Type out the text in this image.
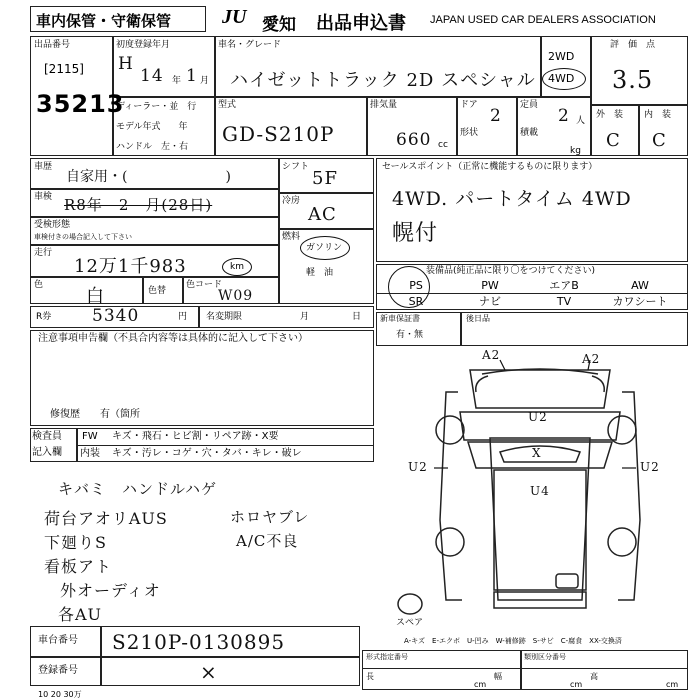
車内保管・守衛保管	JU 愛知 出品申込書 JAPAN USED CAR DEALERS ASSOCIATION
出品番号
[2115]
35213
初度登録年月
H
14 年 1 月
ディーラー・並　行
モデル年式　　年
ハンドル　左・右
車名・グレード
ハイゼットトラック 2D スペシャル
2WD
4WD
型式
GD-S210P
排気量
660 cc
ドア
2
定員
2 人
形状	積載
kg
評　価　点
3.5
外　装 内　装
C C
車歴
自家用・(　　　　　　　)
車検 R8年　2　月(28日)
受検形態
車検付きの場合記入して下さい
走行
12万1千983	km
色
白	色替
色コード
W09
シフト
5F
冷房
AC
燃料
ガソリン
軽　油
セールスポイント（正常に機能するものに限ります）
4WD. パートタイム 4WD
幌付
装備品(純正品に限り〇をつけてください)
PS	PW	エアB	AW
SR	ナビ	TV	カワシート
R券 5340	円 名変期限	月	日 新車保証書
有・無
後日品
注意事項申告欄（不具合内容等は具体的に記入して下さい）
修復歴　　有（箇所
検査員
記入欄
FW キズ・飛石・ヒビ割・リペア跡・X要
内装 キズ・汚レ・コゲ・穴・タバ・キレ・破レ
キバミ　ハンドルハゲ
荷台アオリAUS	ホロヤブレ
下廻りS	A/C不良
看板アト
外オーディオ
各AU
A2	A2
U2
U2	U2
X
U4
スペア
A-キズ　E-エクボ　U-凹み　W-補修跡　S-サビ　C-腐食　XX-交換済
車台番号 S210P-0130895
登録番号	×
形式指定番号	類別区分番号
長
cm
幅
cm
高
cm
10 20 30万
